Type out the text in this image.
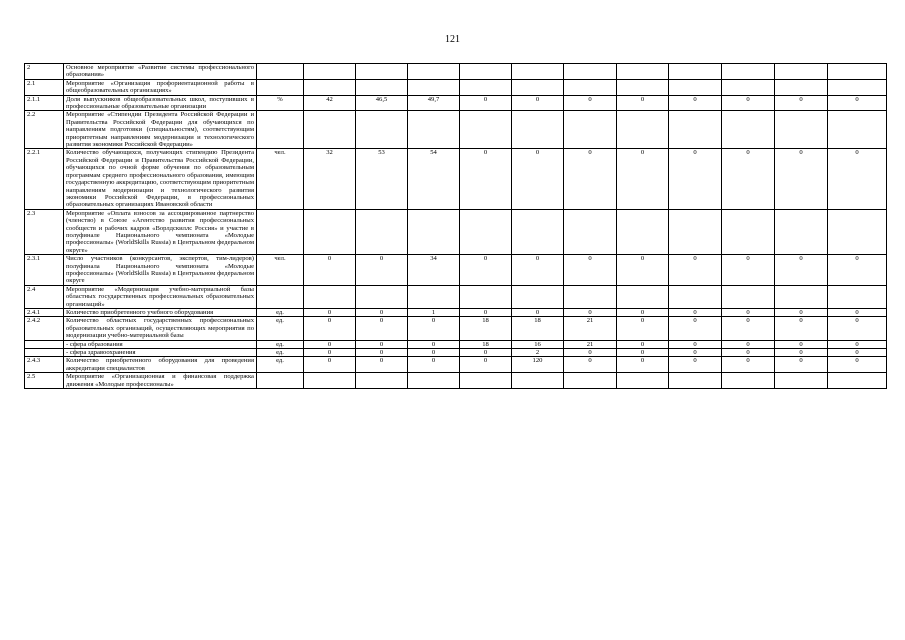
121
2	Основное мероприятие «Развитие системы профессионального образования»												
2.1	Мероприятие «Организация профориентационной работы в общеобразовательных организациях»												
2.1.1	Доля выпускников общеобразовательных школ, поступивших в профессиональные образовательные организации	%	42	46,5	49,7	0	0	0	0	0	0	0	0
2.2	Мероприятие «Стипендии Президента Российской Федерации и Правительства Российской Федерации для обучающихся по направлениям подготовки (специальностям), соответствующим приоритетным направлениям модернизации и технологического развития экономики Российской Федерации»												
2.2.1	Количество обучающихся, получающих стипендию Президента Российской Федерации и Правительства Российской Федерации, обучающихся по очной форме обучения по образовательным программам среднего профессионального образования, имеющим государственную аккредитацию, соответствующим приоритетным направлениям модернизации и технологического развития экономики Российской Федерации, в профессиональных образовательных организациях Ивановской области	чел.	32	53	54	0	0	0	0	0	0	0	0
2.3	Мероприятие «Оплата взносов за ассоциированное партнерство (членство) в Союзе «Агентство развития профессиональных сообществ и рабочих кадров «Ворлдскиллс Россия» и участие в полуфинале Национального чемпионата «Молодые профессионалы» (WorldSkills Russia) в Центральном федеральном округе»												
2.3.1	Число участников (конкурсантов, экспертов, тим-лидеров) полуфинала Национального чемпионата «Молодые профессионалы» (WorldSkills Russia) в Центральном федеральном округе	чел.	0	0	34	0	0	0	0	0	0	0	0
2.4	Мероприятие «Модернизация учебно-материальной базы областных государственных профессиональных образовательных организаций»												
2.4.1	Количество приобретенного учебного оборудования	ед.	0	0	1	0	0	0	0	0	0	0	0
2.4.2	Количество областных государственных профессиональных образовательных организаций, осуществляющих мероприятия по модернизации учебно-материальной базы	ед.	0	0	0	18	18	21	0	0	0	0	0
	- сфера образования	ед.	0	0	0	18	16	21	0	0	0	0	0
	- сфера здравоохранения	ед.	0	0	0	0	2	0	0	0	0	0	0
2.4.3	Количество приобретенного оборудования для проведения аккредитации специалистов	ед.	0	0	0	0	120	0	0	0	0	0	0
2.5	Мероприятие «Организационная и финансовая поддержка движения «Молодые профессионалы»												
